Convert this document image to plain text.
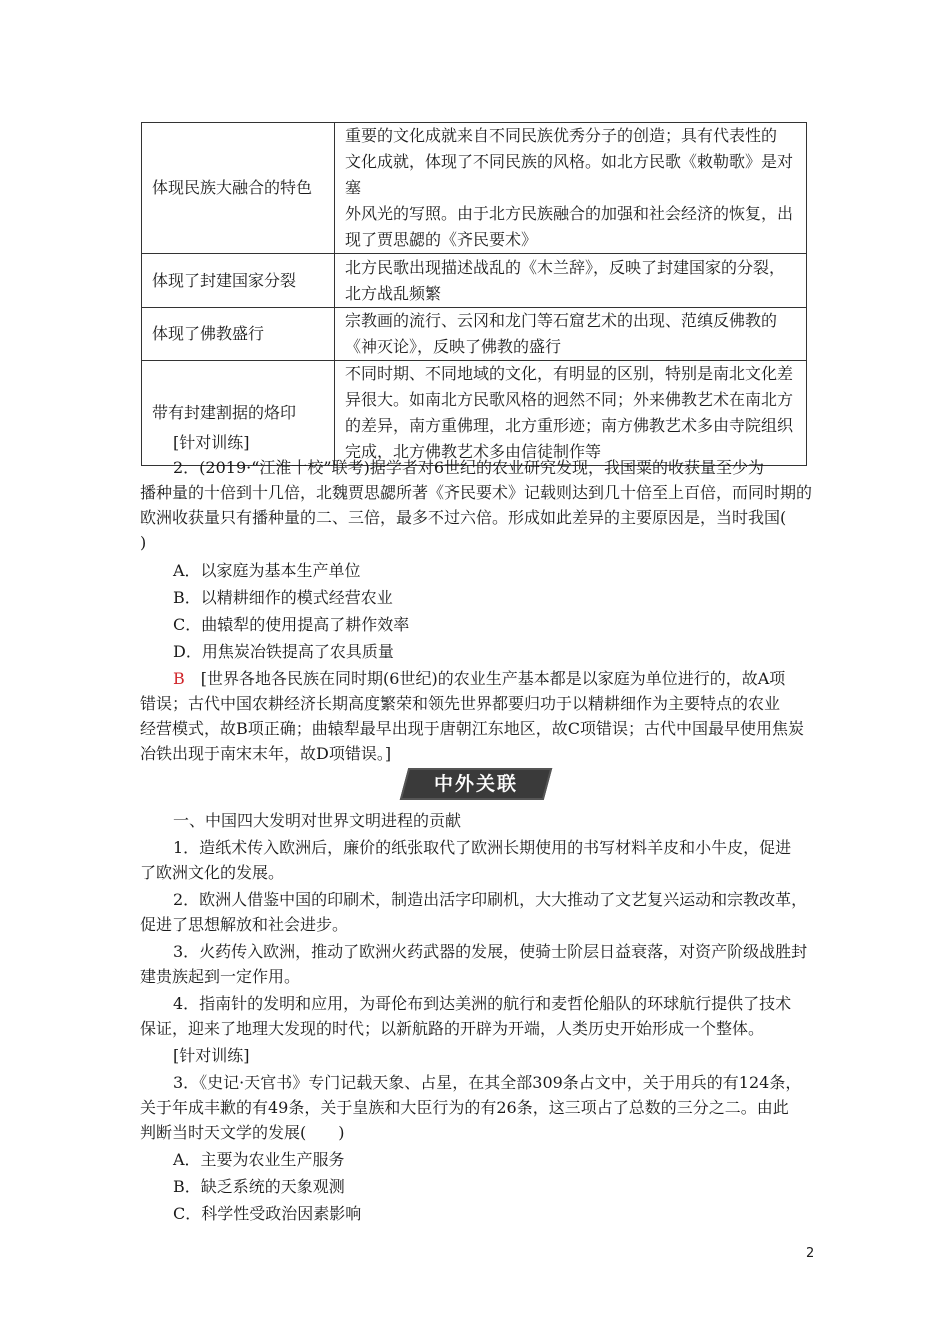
体现民族大融合的特色	重要的文化成就来自不同民族优秀分子的创造；具有代表性的
文化成就，体现了不同民族的风格。如北方民歌《敕勒歌》是对塞
外风光的写照。由于北方民族融合的加强和社会经济的恢复，出
现了贾思勰的《齐民要术》

体现了封建国家分裂	北方民歌出现描述战乱的《木兰辞》，反映了封建国家的分裂，
北方战乱频繁

体现了佛教盛行	宗教画的流行、云冈和龙门等石窟艺术的出现、范缜反佛教的
《神灭论》，反映了佛教的盛行

带有封建割据的烙印	不同时期、不同地域的文化，有明显的区别，特别是南北文化差
异很大。如南北方民歌风格的迥然不同；外来佛教艺术在南北方
的差异，南方重佛理，北方重形迹；南方佛教艺术多由寺院组织
完成，北方佛教艺术多由信徒制作等

[针对训练]

2．(2019·“江淮十校”联考)据学者对6世纪的农业研究发现，我国粟的收获量至少为

播种量的十倍到十几倍，北魏贾思勰所著《齐民要术》记载则达到几十倍至上百倍，而同时期的

欧洲收获量只有播种量的二、三倍，最多不过六倍。形成如此差异的主要原因是，当时我国(

)

A．以家庭为基本生产单位

B．以精耕细作的模式经营农业

C．曲辕犁的使用提高了耕作效率

D．用焦炭冶铁提高了农具质量

B　 [世界各地各民族在同时期(6世纪)的农业生产基本都是以家庭为单位进行的，故A项

错误；古代中国农耕经济长期高度繁荣和领先世界都要归功于以精耕细作为主要特点的农业

经营模式，故B项正确；曲辕犁最早出现于唐朝江东地区，故C项错误；古代中国最早使用焦炭

冶铁出现于南宋末年，故D项错误。]

中外关联

一、中国四大发明对世界文明进程的贡献

1．造纸术传入欧洲后，廉价的纸张取代了欧洲长期使用的书写材料羊皮和小牛皮，促进

了欧洲文化的发展。

2．欧洲人借鉴中国的印刷术，制造出活字印刷机，大大推动了文艺复兴运动和宗教改革，

促进了思想解放和社会进步。

3．火药传入欧洲，推动了欧洲火药武器的发展，使骑士阶层日益衰落，对资产阶级战胜封

建贵族起到一定作用。

4．指南针的发明和应用，为哥伦布到达美洲的航行和麦哲伦船队的环球航行提供了技术

保证，迎来了地理大发现的时代；以新航路的开辟为开端，人类历史开始形成一个整体。

[针对训练]

3．《史记·天官书》专门记载天象、占星，在其全部309条占文中，关于用兵的有124条，

关于年成丰歉的有49条，关于皇族和大臣行为的有26条，这三项占了总数的三分之二。由此

判断当时天文学的发展(　　)

A．主要为农业生产服务

B．缺乏系统的天象观测

C．科学性受政治因素影响

2
